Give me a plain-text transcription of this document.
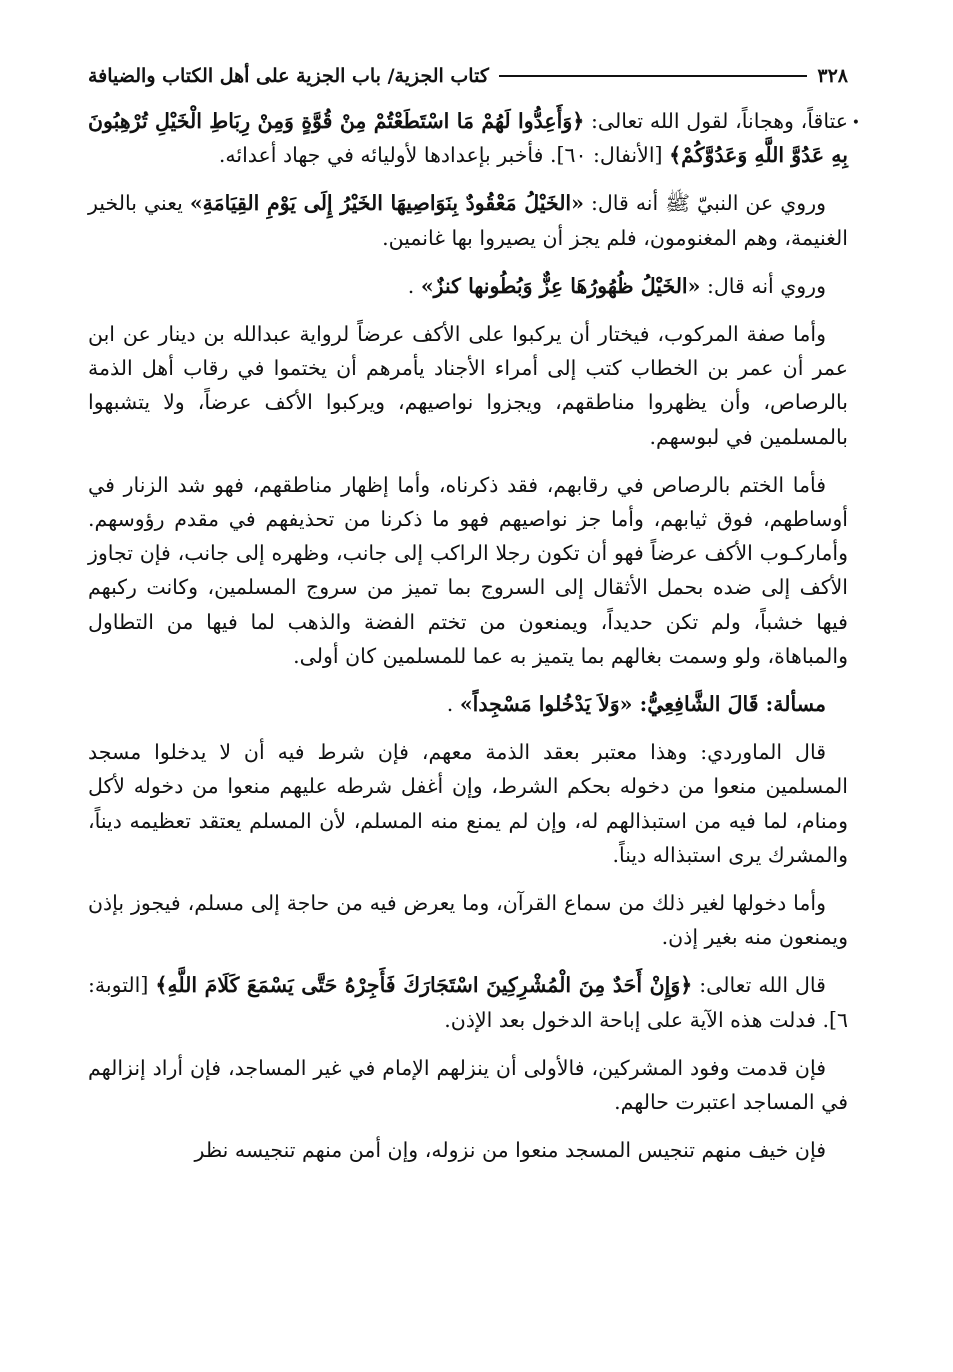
٣٢٨
كتاب الجزية/ باب الجزية على أهل الكتاب والضيافة

•
عتاقاً، وهجاناً، لقول الله تعالى: ﴿وَأَعِدُّوا لَهُمْ مَا اسْتَطَعْتُمْ مِنْ قُوَّةٍ وَمِنْ رِبَاطِ الْخَيْلِ تُرْهِبُونَ بِهِ عَدُوَّ اللَّهِ وَعَدُوَّكُمْ﴾ [الأنفال: ٦٠]. فأخبر بإعدادها لأوليائه في جهاد أعدائه.

وروي عن النبيّ ﷺ أنه قال: «الخَيْلُ مَعْقُودٌ بِنَوَاصِيهَا الخَيْرُ إِلَى يَوْمِ القِيَامَةِ» يعني بالخير الغنيمة، وهم المغنومون، فلم يجز أن يصيروا بها غانمين.

وروي أنه قال: «الخَيْلُ ظُهُورُهَا عِزٌّ وَبُطُونها كنزٌ» .

وأما صفة المركوب، فيختار أن يركبوا على الأكف عرضاً لرواية عبدالله بن دينار عن ابن عمر أن عمر بن الخطاب كتب إلى أمراء الأجناد يأمرهم أن يختموا في رقاب أهل الذمة بالرصاص، وأن يظهروا مناطقهم، ويجزوا نواصيهم، ويركبوا الأكف عرضاً، ولا يتشبهوا بالمسلمين في لبوسهم.

فأما الختم بالرصاص في رقابهم، فقد ذكرناه، وأما إظهار مناطقهم، فهو شد الزنار في أوساطهم، فوق ثيابهم، وأما جز نواصيهم فهو ما ذكرنا من تحذيفهم في مقدم رؤوسهم. وأماركـوب الأكف عرضاً فهو أن تكون رجلا الراكب إلى جانب، وظهره إلى جانب، فإن تجاوز الأكف إلى ضده بحمل الأثقال إلى السروج بما تميز من سروج المسلمين، وكانت ركبهم فيها خشباً، ولم تكن حديداً، ويمنعون من تختم الفضة والذهب لما فيها من التطاول والمباهاة، ولو وسمت بغالهم بما يتميز به عما للمسلمين كان أولى.

مسألة: قَالَ الشَّافِعِيُّ: «وَلاَ يَدْخُلوا مَسْجِداً» .

قال الماوردي: وهذا معتبر بعقد الذمة معهم، فإن شرط فيه أن لا يدخلوا مسجد المسلمين منعوا من دخوله بحكم الشرط، وإن أغفل شرطه عليهم منعوا من دخوله لأكل ومنام، لما فيه من استبذالهم له، وإن لم يمنع منه المسلم، لأن المسلم يعتقد تعظيمه ديناً، والمشرك يرى استبذاله ديناً.

وأما دخولها لغير ذلك من سماع القرآن، وما يعرض فيه من حاجة إلى مسلم، فيجوز بإذن ويمنعون منه بغير إذن.

قال الله تعالى: ﴿وَإِنْ أَحَدٌ مِنَ الْمُشْرِكِينَ اسْتَجَارَكَ فَأَجِرْهُ حَتَّى يَسْمَعَ كَلَامَ اللَّهِ﴾ [التوبة: ٦]. فدلت هذه الآية على إباحة الدخول بعد الإذن.

فإن قدمت وفود المشركين، فالأولى أن ينزلهم الإمام في غير المساجد، فإن أراد إنزالهم في المساجد اعتبرت حالهم.

فإن خيف منهم تنجيس المسجد منعوا من نزوله، وإن أمن منهم تنجيسه نظر
